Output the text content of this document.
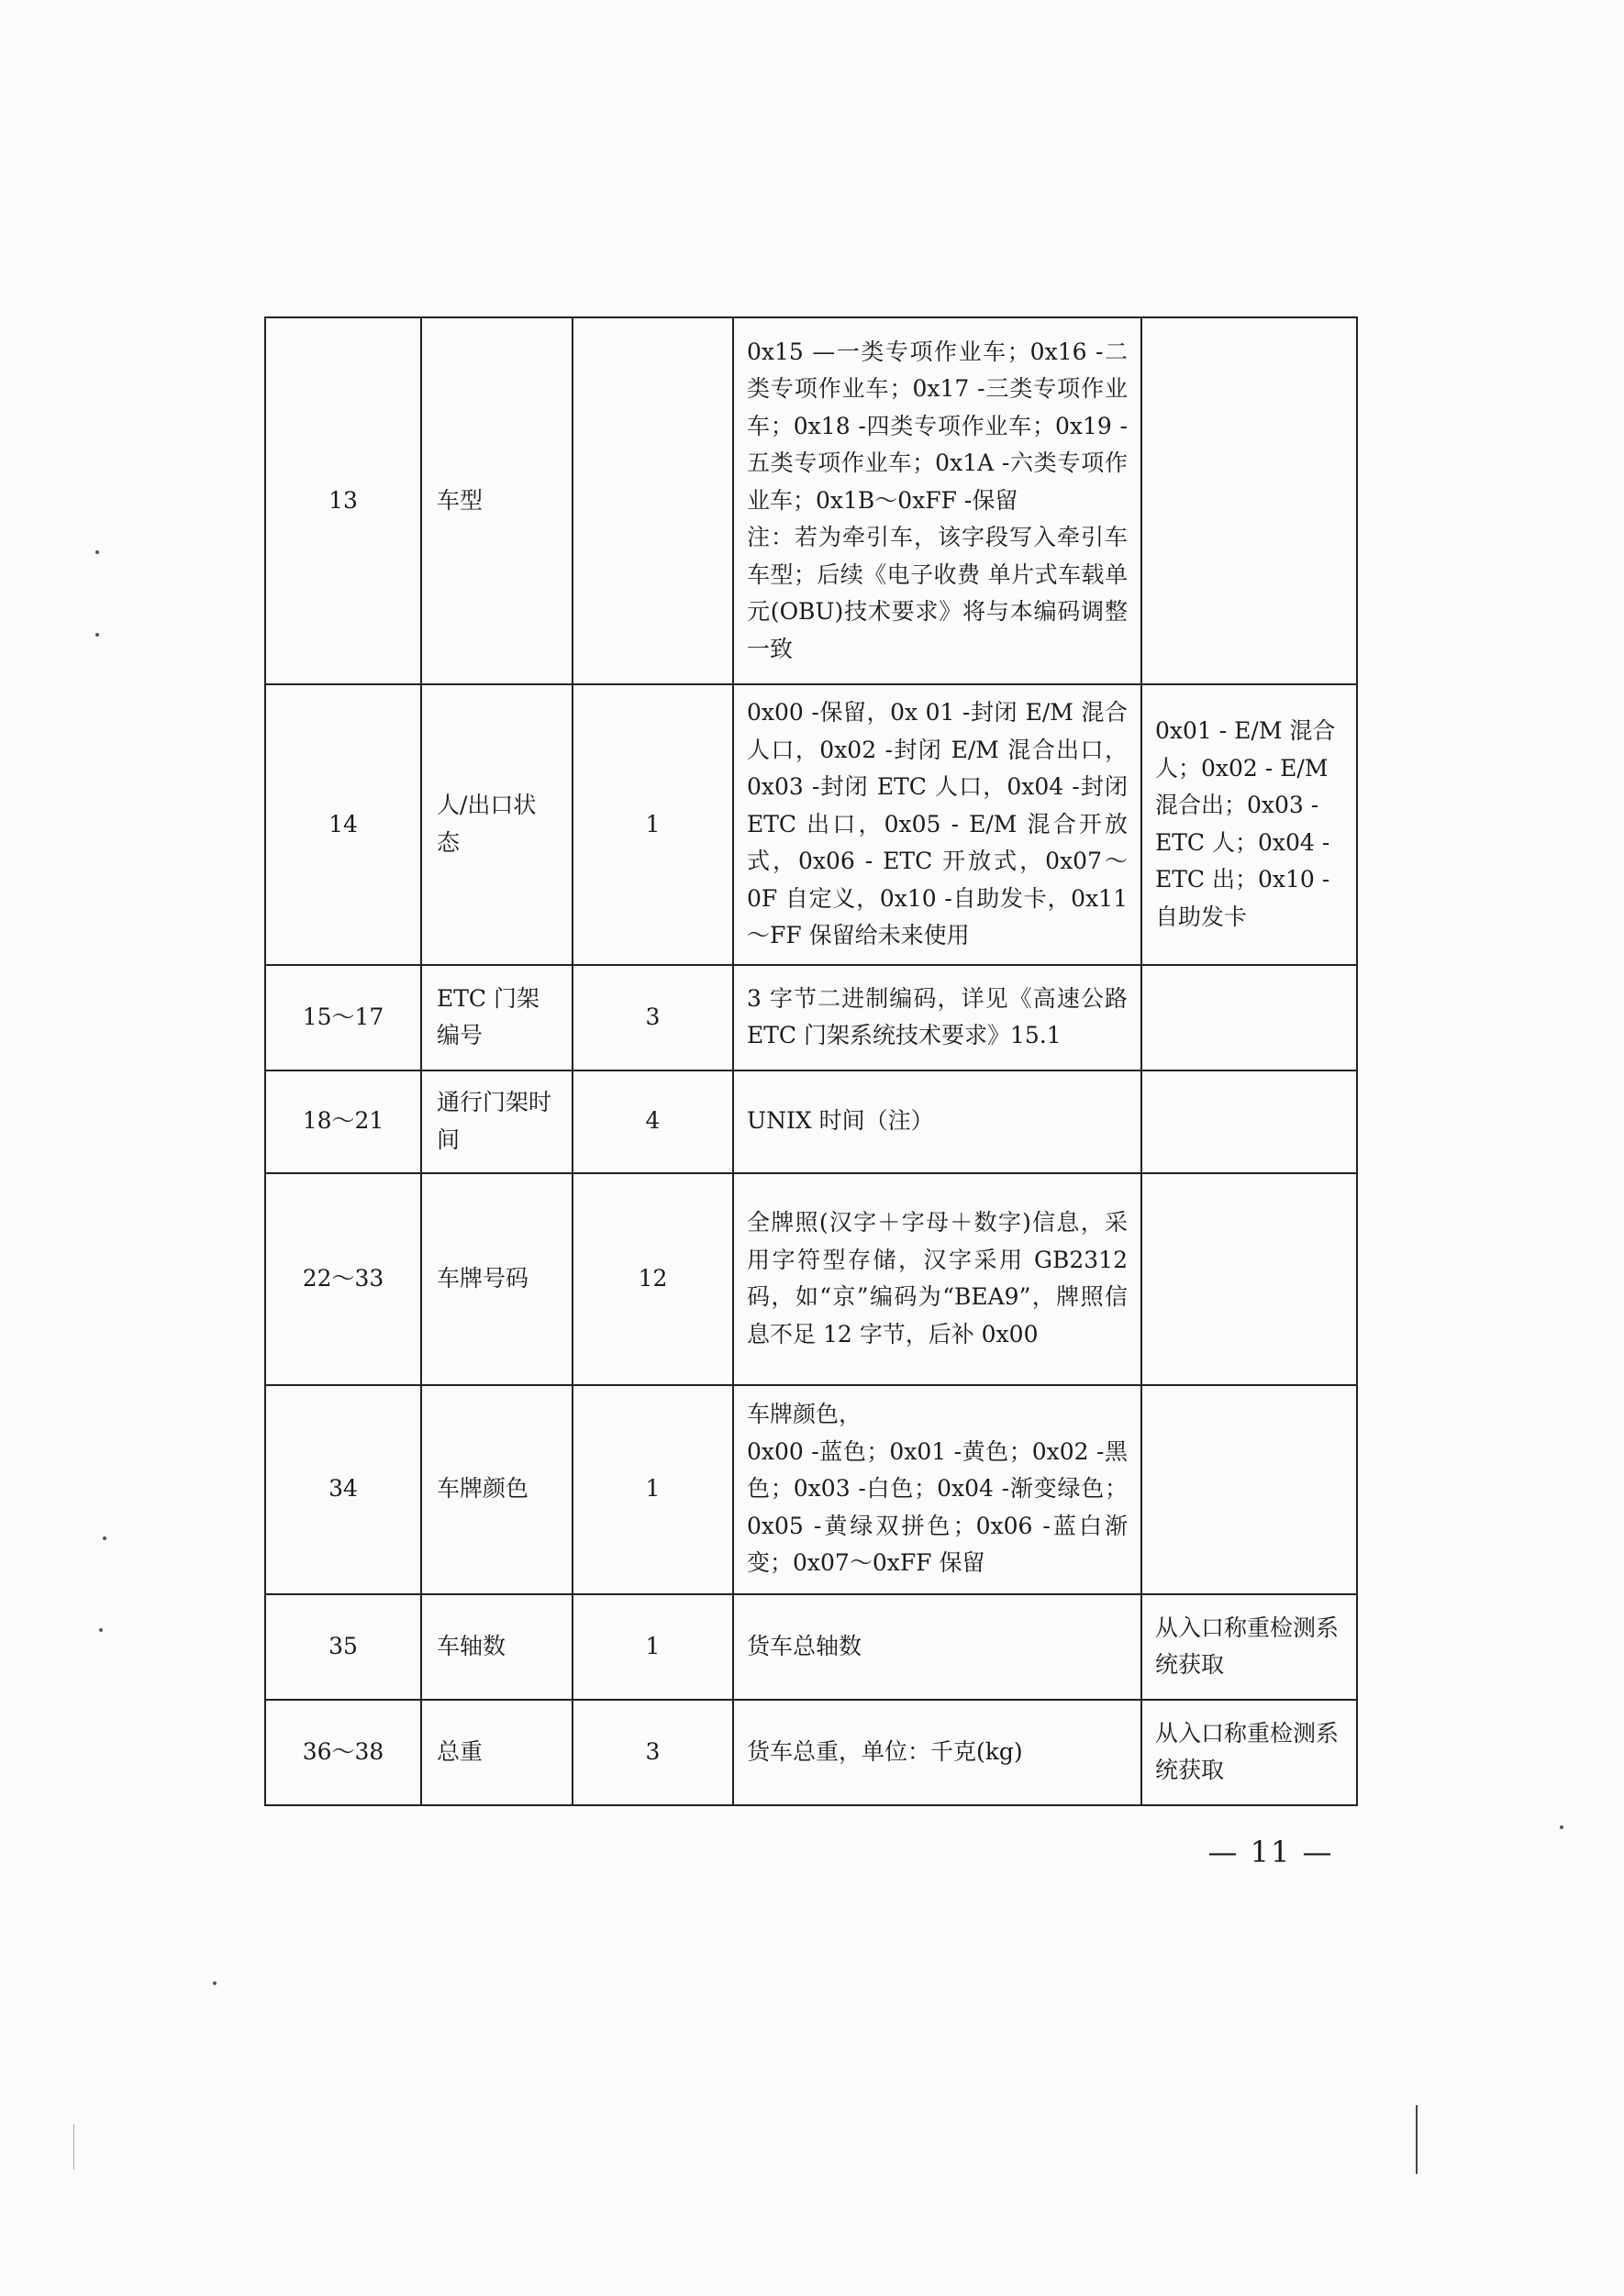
13	车型		0x15 —一类专项作业车；0x16 -二类专项作业车；0x17 -三类专项作业车；0x18 -四类专项作业车；0x19 -五类专项作业车；0x1A -六类专项作业车；0x1B～0xFF -保留
注：若为牵引车，该字段写入牵引车车型；后续《电子收费 单片式车载单元(OBU)技术要求》将与本编码调整一致	

14	人/出口状态	1	0x00 -保留，0x 01 -封闭 E/M 混合人口，0x02 -封闭 E/M 混合出口，0x03 -封闭 ETC 人口，0x04 -封闭 ETC 出口，0x05 - E/M 混合开放式，0x06 - ETC 开放式，0x07～0F 自定义，0x10 -自助发卡，0x11～FF 保留给未来使用	0x01 - E/M 混合人；0x02 - E/M 混合出；0x03 - ETC 人；0x04 - ETC 出；0x10 -自助发卡
15～17	ETC 门架编号	3	3 字节二进制编码，详见《高速公路 ETC 门架系统技术要求》15.1	

18～21	通行门架时间	4	UNIX 时间（注）	

22～33	车牌号码	12	全牌照(汉字＋字母＋数字)信息，采用字符型存储，汉字采用 GB2312 码，如“京”编码为“BEA9”，牌照信息不足 12 字节，后补 0x00	

34	车牌颜色	1	车牌颜色，
0x00 -蓝色；0x01 -黄色；0x02 -黑色；0x03 -白色；0x04 -渐变绿色；0x05 -黄绿双拼色；0x06 -蓝白渐变；0x07～0xFF 保留	

35	车轴数	1	货车总轴数	从入口称重检测系统获取
36～38	总重	3	货车总重，单位：千克(kg)	从入口称重检测系统获取
— 11 —
